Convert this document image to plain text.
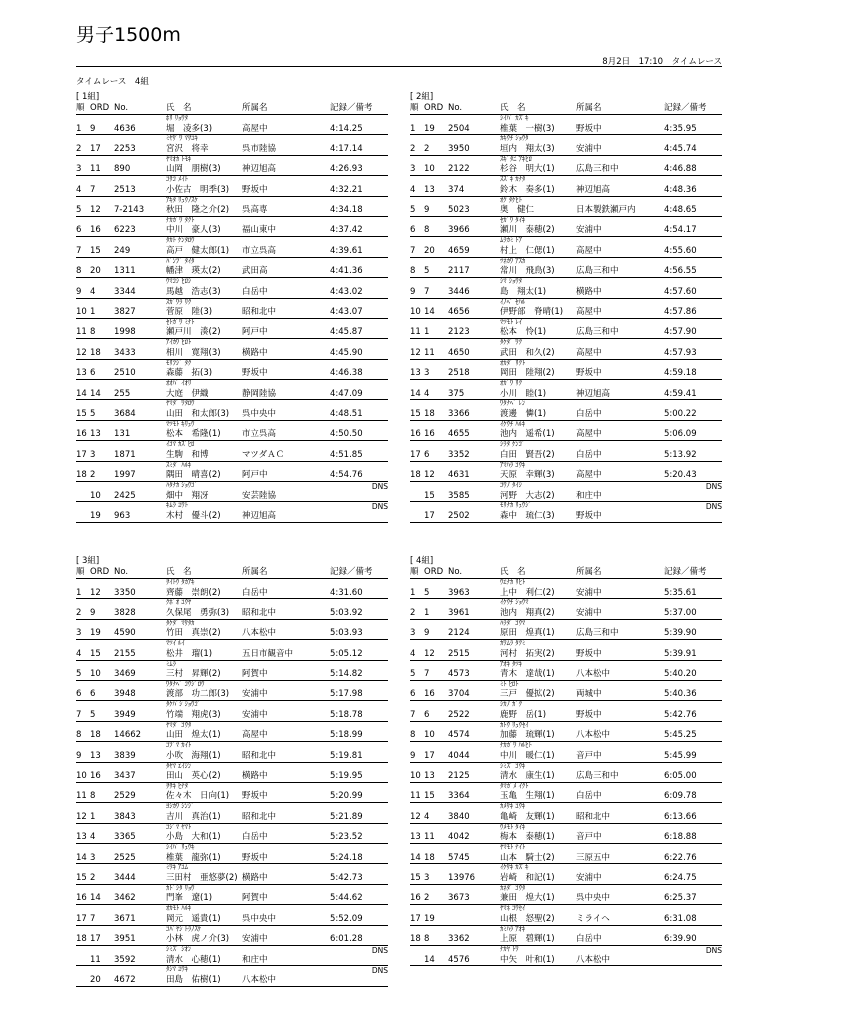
男子1500m
8月2日　17:10　タイムレース
タイムレース　4組
[ 1組]
順 ORD No.	氏　名	所属名	記録／備考
ﾎﾘ ﾘｮｳﾀ
1 9 4636	堀　凌多(3)	高屋中	4:14.25
ﾐﾔｻﾞﾜ ﾏｻﾕｷ
2 17 2253	宮沢　将幸	呉市陸協	4:17.14
ﾔﾏｵｶ ﾄﾓｷ
3 11 890	山岡　朋樹(3)	神辺旭高	4:26.93
ｺｻｺ ﾒｲﾄ
4 7 2513	小佐古　明季(3) 野坂中	4:32.21
ｱｷﾀ ﾘｭｳﾉｽｹ
5 12 7-2143	秋田　隆之介(2) 呉高専	4:34.18
ﾅｶｶﾞﾜ ﾀｸﾄ
6 16 6223	中川　豪人(3)	福山東中	4:37.42
ﾀｶﾄ ｹﾝﾀﾛｳ
7 15 249	高戸　健太郎(1) 市立呉高	4:39.61
ﾊﾞﾝﾌﾞ ﾀｲﾀ
8 20 1311	幡津　瑛太(2)	武田高	4:41.36
ｳﾏｺｼ ﾋﾛｼ
9 4 3344	馬越　浩志(3)	白岳中	4:43.02
ｽｶﾞﾜﾗ ﾘｸ
10 1 3827	菅原　陸(3)	昭和北中	4:43.07
ｾﾄｶﾞﾜ ﾐﾅﾄ
11 8 1998	瀬戸川　湊(2)	阿戸中	4:45.87
ｱｲｶﾜ ﾋﾛﾄ
12 18 3433	相川　寛翔(3)	横路中	4:45.90
ﾓﾘﾌｼﾞ ﾀｸ
13 6 2510	森藤　拓(3)	野坂中	4:46.38
ｵｵﾊﾞ ｲｵﾘ
14 14 255	大庭　伊織	静岡陸協	4:47.09
ﾔﾏﾀﾞ ﾜﾀﾛｳ
15 5 3684	山田　和太郎(3) 呉中央中	4:48.51
ﾏﾂﾓﾄ ｷﾘｭｳ
16 13 131	松本　希隆(1)	市立呉高	4:50.50
ｲｺﾏ ｶｽﾞﾋﾛ
17 3 1871	生駒　和博	マツダＡＣ	4:51.85
ｽﾐﾀﾞ ﾊﾙｷ
18 2 1997	隅田　晴喜(2)	阿戸中	4:54.76
ﾊﾀﾅｶ ｼｮｳｺﾞ
10 2425	畑中　翔冴	安芸陸協
DNS
ｷﾑﾗ ﾕｳﾄ
19 963	木村　優斗(2)	神辺旭高
DNS
[ 2組]
順 ORD No.	氏　名	所属名	記録／備考
ｼｲﾊﾞ ｶｽﾞｷ
1 19 2504	椎葉　一樹(3)	野坂中	4:35.95
ｶｷｳﾁ ｼｮｳﾀ
2 2 3950	垣内　翔太(3)	安浦中	4:45.74
ｽｷﾞﾀﾆ ｱｷﾋﾛ
3 10 2122	杉谷　明大(1)	広島三和中	4:46.88
ｽｽﾞｷ ｶﾅﾀ
4 13 374	鈴木　奏多(1)	神辺旭高	4:48.36
ｵｸ ﾀｹﾋﾄ
5 9 5023	奥　健仁	日本製鉄瀬戸内	4:48.65
ｾｶﾞﾜ ﾀｲｷ
6 8 3966	瀬川　泰穂(2)	安浦中	4:54.17
ﾑﾗｶﾐ ﾄｱ
7 20 4659	村上　仁偲(1)	高屋中	4:55.60
ﾂﾈｶﾜ ｱｽｶ
8 5 2117	常川　飛鳥(3)	広島三和中	4:56.55
ｼﾏ ｼｮｳﾀ
9 7 3446	島　翔太(1)	横路中	4:57.60
ｲﾉﾍﾞ ｾﾊﾙ
10 14 4656	伊野部　脊晴(1) 高屋中	4:57.86
ﾏﾂﾓﾄ ﾚｲ
11 1 2123	松本　怜(1)	広島三和中	4:57.90
ﾀｹﾀﾞ ﾜｸ
12 11 4650	武田　和久(2)	高屋中	4:57.93
ｵｶﾀﾞ ﾘｸﾄ
13 3 2518	岡田　陸翔(2)	野坂中	4:59.18
ｵｶﾞﾜ ﾘｸ
14 4 375	小川　睦(1)	神辺旭高	4:59.41
ﾜﾀﾅﾍﾞ ﾚﾝ
15 18 3366	渡邊　憐(1)	白岳中	5:00.22
ｲｹｳﾁ ﾊﾙｷ
16 16 4655	池内　遥希(1)	高屋中	5:06.09
ｼﾗﾀ ｹﾝｺﾞ
17 6 3352	白田　賢吾(2)	白岳中	5:13.92
ｱﾏﾊﾗ ｺｳｷ
18 12 4631	天原　幸輝(3)	高屋中	5:20.43
ｺｳﾉ ﾀｲｼ
15 3585	河野　大志(2)	和庄中
DNS
ﾓﾘﾅｶ ﾘｭｳｼﾞ
17 2502	森中　琉仁(3)	野坂中
DNS
[ 3組]
順 ORD No.	氏　名	所属名	記録／備考
ｻｲﾄｳ ﾀｶｱｷ
1 12 3350	齊藤　崇朗(2)	白岳中	4:31.60
ｸﾎﾞｵ ﾕｳﾔ
2 9 3828	久保尾　勇弥(3) 昭和北中	5:03.92
ﾀｹﾀﾞ ﾏｻﾀｶ
3 19 4590	竹田　真崇(2)	八本松中	5:03.93
ﾏﾂｲ ﾙｲ
4 15 2155	松井　瑠(1)	五日市観音中	5:05.12
ﾐﾑﾗ
5 10 3469	三村　昇輝(2)	阿賀中	5:14.82
ﾜﾀﾅﾍﾞ ｺｳｼﾞﾛｳ
6 6 3948	渡部　功二郎(3) 安浦中	5:17.98
ﾀｹﾊﾞｼ ｼｮｳｺﾞ
7 5 3949	竹端　翔虎(3)	安浦中	5:18.78
ﾔﾏﾀﾞ ｺｳﾀ
8 18 14662	山田　煌太(1)	高屋中	5:18.99
ｺﾌﾞﾏ ｶｲﾄ
9 13 3839	小吹　海翔(1)	昭和北中	5:19.81
ﾀﾔﾏ ｴｲｼﾝ
10 16 3437	田山　英心(2)	横路中	5:19.95
ｻｻｷ ﾋﾅﾀ
11 8 2529	佐々木　日向(1) 野坂中	5:20.99
ﾖｼｶﾜ ｼﾝｼﾞ
12 1 3843	吉川　真治(1)	昭和北中	5:21.89
ｺｼﾞﾏ ﾔﾏﾄ
13 4 3365	小島　大和(1)	白岳中	5:23.52
ｼｲﾊﾞ ﾘｭｳｷ
14 3 2525	椎葉　龍弥(1)	野坂中	5:24.18
ﾐﾜｷ ｱﾕﾑ
15 2 3444	三田村　亜悠夢(2) 横路中	5:42.73
ｶﾄﾞｼﾀ ﾘｮｳ
16 14 3462	門峯　遼(1)	阿賀中	5:44.62
ｵｶﾓﾄ ﾊﾙｷ
17 7 3671	岡元　遥貴(1)	呉中央中	5:52.09
ｺﾊﾞﾔｼ ﾄﾗﾉｽｹ
18 17 3951	小林　虎ノ介(3) 安浦中	6:01.28
ｼﾐｽﾞ ｼｵﾝ
11 3592	清水　心穂(1)	和庄中
DNS
ﾀｼﾏ ﾕｳｷ
20 4672	田島　佑樹(1)	八本松中
DNS
[ 4組]
順 ORD No.	氏　名	所属名	記録／備考
ｳｴﾅｶ ﾘﾋﾄ
1 5 3963	上中　利仁(2)	安浦中	5:35.61
ｲｹｳﾁ ｼｮｳﾏ
2 1 3961	池内　翔真(2)	安浦中	5:37.00
ﾊﾗﾀﾞ ｺｳﾏ
3 9 2124	原田　煌真(1)	広島三和中	5:39.90
ｶﾜﾑﾗ ﾀｸﾐ
4 12 2515	河村　拓実(2)	野坂中	5:39.91
ｱｵｷ ﾀﾂｷ
5 7 4573	青木　達哉(1)	八本松中	5:40.20
ﾐﾄ ﾋﾛﾄ
6 16 3704	三戸　優拡(2)	両城中	5:40.36
ｼｶﾉ ｶﾞｸ
7 6 2522	鹿野　岳(1)	野坂中	5:42.76
ｶﾄｳ ﾘｭｳｾｲ
8 10 4574	加藤　琉輝(1)	八本松中	5:45.25
ﾅｶｶﾞﾜ ﾊﾙﾋﾄ
9 17 4044	中川　暖仁(1)	音戸中	5:45.99
ｼﾐｽﾞ ｺｳｷ
10 13 2125	清水　康生(1)	広島三和中	6:05.00
ﾀﾏｶﾞﾒ ｲｸﾄ
11 15 3364	玉亀　生翔(1)	白岳中	6:09.78
ｶﾒｻｷ ﾕｳｷ
12 4 3840	亀崎　友輝(1)	昭和北中	6:13.66
ｳﾒﾓﾄ ﾀｲｷ
13 11 4042	梅本　泰穂(1)	音戸中	6:18.88
ﾔﾏﾓﾄ ﾅｲﾄ
14 18 5745	山本　騎士(2)	三原五中	6:22.76
ｲｹｻｷ ｶｽﾞｷ
15 3 13976	岩崎　和記(1)	安浦中	6:24.75
ｶﾈﾀﾞ ｺｳﾀ
16 2 3673	兼田　煌大(1)	呉中央中	6:25.37
ﾔﾏﾈ ｺｳｾｲ
17 19	山根　怒聖(2)	ミライヘ	6:31.08
ｶﾐﾊﾗ ｱｵｷ
18 8 3362	上原　碧輝(1)	白岳中	6:39.90
ﾅｶﾔ ﾄﾜ
14 4576	中矢　叶和(1)	八本松中
DNS
